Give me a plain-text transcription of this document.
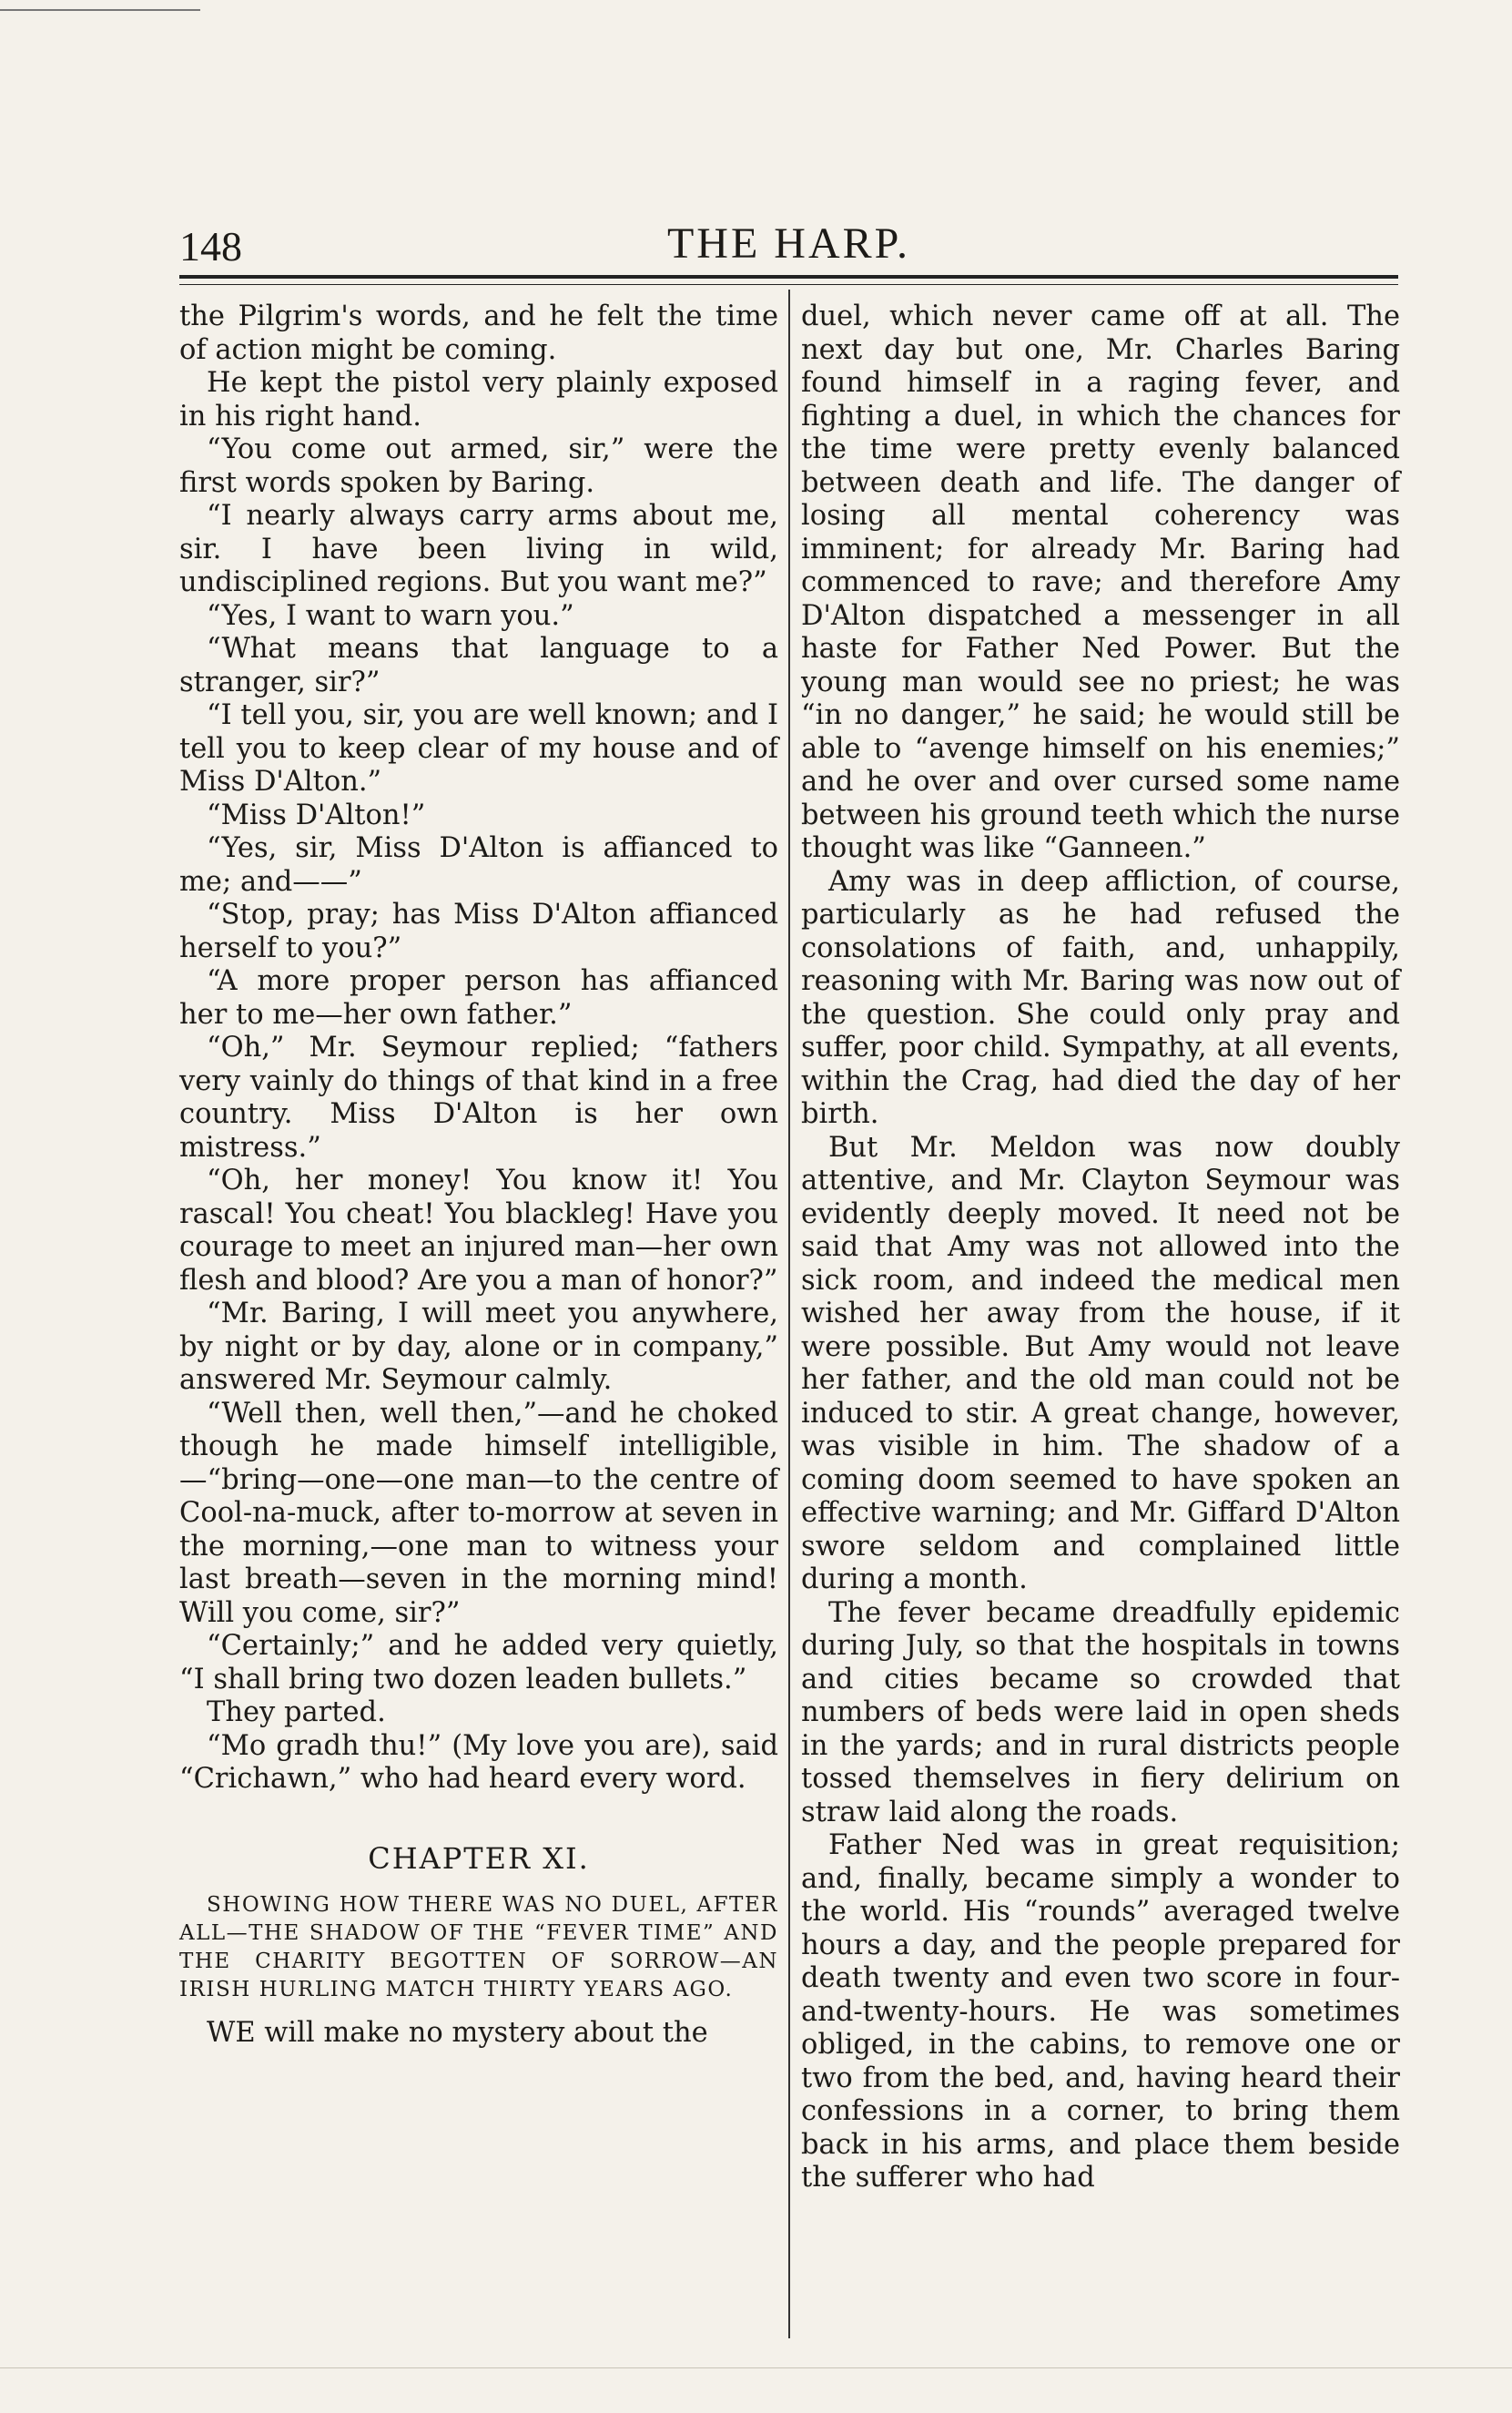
148	THE HARP.

the Pilgrim's words, and he felt the time of action might be coming.

He kept the pistol very plainly exposed in his right hand.

“You come out armed, sir,” were the first words spoken by Baring.

“I nearly always carry arms about me, sir. I have been living in wild, undisciplined regions. But you want me?”

“Yes, I want to warn you.”

“What means that language to a stranger, sir?”

“I tell you, sir, you are well known; and I tell you to keep clear of my house and of Miss D'Alton.”

“Miss D'Alton!”

“Yes, sir, Miss D'Alton is affianced to me; and——”

“Stop, pray; has Miss D'Alton affianced herself to you?”

“A more proper person has affianced her to me—her own father.”

“Oh,” Mr. Seymour replied; “fathers very vainly do things of that kind in a free country. Miss D'Alton is her own mistress.”

“Oh, her money! You know it! You rascal! You cheat! You blackleg! Have you courage to meet an injured man—her own flesh and blood? Are you a man of honor?”

“Mr. Baring, I will meet you anywhere, by night or by day, alone or in company,” answered Mr. Seymour calmly.

“Well then, well then,”—and he choked though he made himself intelligible,—“bring—one—one man—to the centre of Cool-na-muck, after to-morrow at seven in the morning,—one man to witness your last breath—seven in the morning mind! Will you come, sir?”

“Certainly;” and he added very quietly, “I shall bring two dozen leaden bullets.”

They parted.

“Mo gradh thu!” (My love you are), said “Crichawn,” who had heard every word.

CHAPTER XI.

SHOWING HOW THERE WAS NO DUEL, AFTER ALL—THE SHADOW OF THE “FEVER TIME” AND THE CHARITY BEGOTTEN OF SORROW—AN IRISH HURLING MATCH THIRTY YEARS AGO.

WE will make no mystery about the

duel, which never came off at all. The next day but one, Mr. Charles Baring found himself in a raging fever, and fighting a duel, in which the chances for the time were pretty evenly balanced between death and life. The danger of losing all mental coherency was imminent; for already Mr. Baring had commenced to rave; and therefore Amy D'Alton dispatched a messenger in all haste for Father Ned Power. But the young man would see no priest; he was “in no danger,” he said; he would still be able to “avenge himself on his enemies;” and he over and over cursed some name between his ground teeth which the nurse thought was like “Ganneen.”

Amy was in deep affliction, of course, particularly as he had refused the consolations of faith, and, unhappily, reasoning with Mr. Baring was now out of the question. She could only pray and suffer, poor child. Sympathy, at all events, within the Crag, had died the day of her birth.

But Mr. Meldon was now doubly attentive, and Mr. Clayton Seymour was evidently deeply moved. It need not be said that Amy was not allowed into the sick room, and indeed the medical men wished her away from the house, if it were possible. But Amy would not leave her father, and the old man could not be induced to stir. A great change, however, was visible in him. The shadow of a coming doom seemed to have spoken an effective warning; and Mr. Giffard D'Alton swore seldom and complained little during a month.

The fever became dreadfully epidemic during July, so that the hospitals in towns and cities became so crowded that numbers of beds were laid in open sheds in the yards; and in rural districts people tossed themselves in fiery delirium on straw laid along the roads.

Father Ned was in great requisition; and, finally, became simply a wonder to the world. His “rounds” averaged twelve hours a day, and the people prepared for death twenty and even two score in four-and-twenty-hours. He was sometimes obliged, in the cabins, to remove one or two from the bed, and, having heard their confessions in a corner, to bring them back in his arms, and place them beside the sufferer who had
